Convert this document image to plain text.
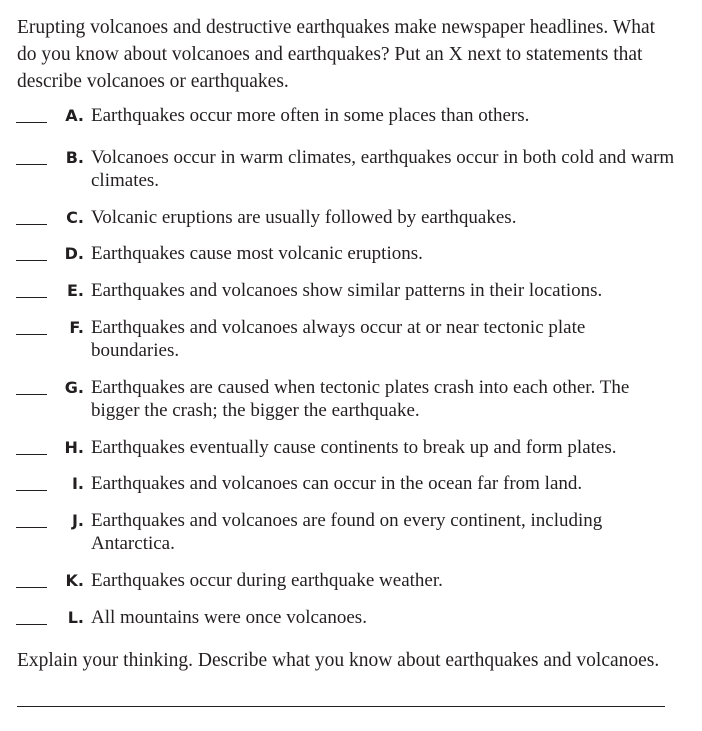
Erupting volcanoes and destructive earthquakes make newspaper headlines. What do you know about volcanoes and earthquakes? Put an X next to statements that describe volcanoes or earthquakes.

A. Earthquakes occur more often in some places than others.
B. Volcanoes occur in warm climates, earthquakes occur in both cold and warm climates.
C. Volcanic eruptions are usually followed by earthquakes.
D. Earthquakes cause most volcanic eruptions.
E. Earthquakes and volcanoes show similar patterns in their locations.
F. Earthquakes and volcanoes always occur at or near tectonic plate boundaries.
G. Earthquakes are caused when tectonic plates crash into each other. The bigger the crash; the bigger the earthquake.
H. Earthquakes eventually cause continents to break up and form plates.
I. Earthquakes and volcanoes can occur in the ocean far from land.
J. Earthquakes and volcanoes are found on every continent, including Antarctica.
K. Earthquakes occur during earthquake weather.
L. All mountains were once volcanoes.

Explain your thinking. Describe what you know about earthquakes and volcanoes.
